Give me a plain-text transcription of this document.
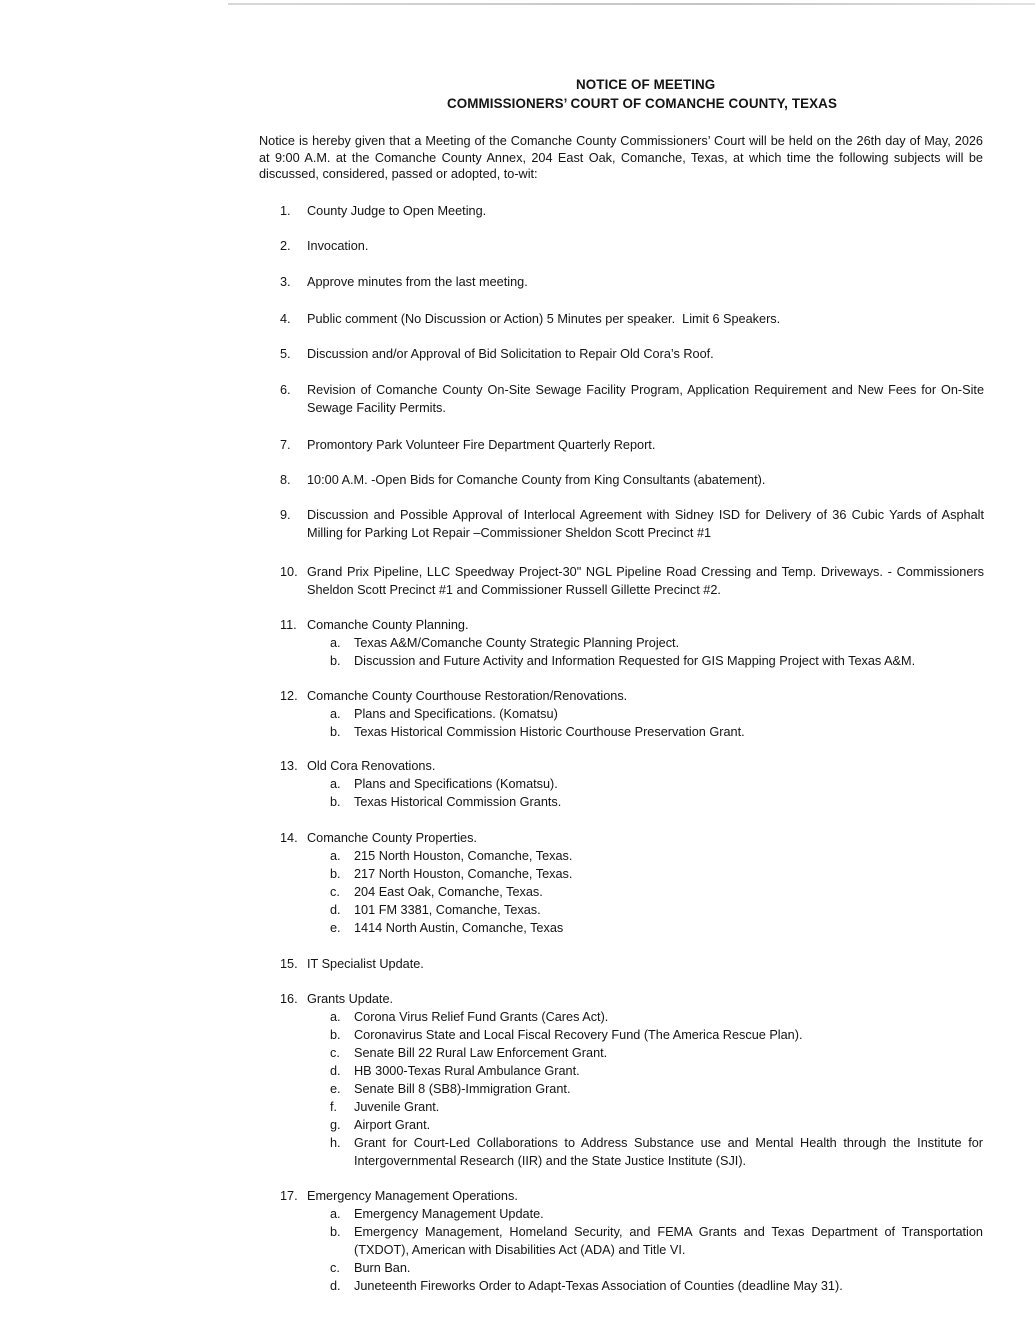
NOTICE OF MEETING
COMMISSIONERS’ COURT OF COMANCHE COUNTY, TEXAS
Notice is hereby given that a Meeting of the Comanche County Commissioners’ Court will be held on the 26th day of May, 2026 at 9:00 A.M. at the Comanche County Annex, 204 East Oak, Comanche, Texas, at which time the following subjects will be discussed, considered, passed or adopted, to-wit:
1.	County Judge to Open Meeting.
2.	Invocation.
3.	Approve minutes from the last meeting.
4.	Public comment (No Discussion or Action) 5 Minutes per speaker.  Limit 6 Speakers.
5.	Discussion and/or Approval of Bid Solicitation to Repair Old Cora’s Roof.
6.	Revision of Comanche County On-Site Sewage Facility Program, Application Requirement and New Fees for On-Site Sewage Facility Permits.
7.	Promontory Park Volunteer Fire Department Quarterly Report.
8.	10:00 A.M. -Open Bids for Comanche County from King Consultants (abatement).
9.	Discussion and Possible Approval of Interlocal Agreement with Sidney ISD for Delivery of 36 Cubic Yards of Asphalt Milling for Parking Lot Repair –Commissioner Sheldon Scott Precinct #1
10. Grand Prix Pipeline, LLC Speedway Project-30" NGL Pipeline Road Cressing and Temp. Driveways. - Commissioners Sheldon Scott Precinct #1 and Commissioner Russell Gillette Precinct #2.
11. Comanche County Planning.
a.	Texas A&M/Comanche County Strategic Planning Project.
b.	Discussion and Future Activity and Information Requested for GIS Mapping Project with Texas A&M.
12. Comanche County Courthouse Restoration/Renovations.
a.	Plans and Specifications. (Komatsu)
b.	Texas Historical Commission Historic Courthouse Preservation Grant.
13. Old Cora Renovations.
a.	Plans and Specifications (Komatsu).
b.	Texas Historical Commission Grants.
14. Comanche County Properties.
a.	215 North Houston, Comanche, Texas.
b.	217 North Houston, Comanche, Texas.
c.	204 East Oak, Comanche, Texas.
d.	101 FM 3381, Comanche, Texas.
e.	1414 North Austin, Comanche, Texas
15. IT Specialist Update.
16. Grants Update.
a.	Corona Virus Relief Fund Grants (Cares Act).
b.	Coronavirus State and Local Fiscal Recovery Fund (The America Rescue Plan).
c.	Senate Bill 22 Rural Law Enforcement Grant.
d.	HB 3000-Texas Rural Ambulance Grant.
e.	Senate Bill 8 (SB8)-Immigration Grant.
f.	Juvenile Grant.
g.	Airport Grant.
h.	Grant for Court-Led Collaborations to Address Substance use and Mental Health through the Institute for Intergovernmental Research (IIR) and the State Justice Institute (SJI).
17. Emergency Management Operations.
a.	Emergency Management Update.
b.	Emergency Management, Homeland Security, and FEMA Grants and Texas Department of Transportation (TXDOT), American with Disabilities Act (ADA) and Title VI.
c.	Burn Ban.
d.	Juneteenth Fireworks Order to Adapt-Texas Association of Counties (deadline May 31).
